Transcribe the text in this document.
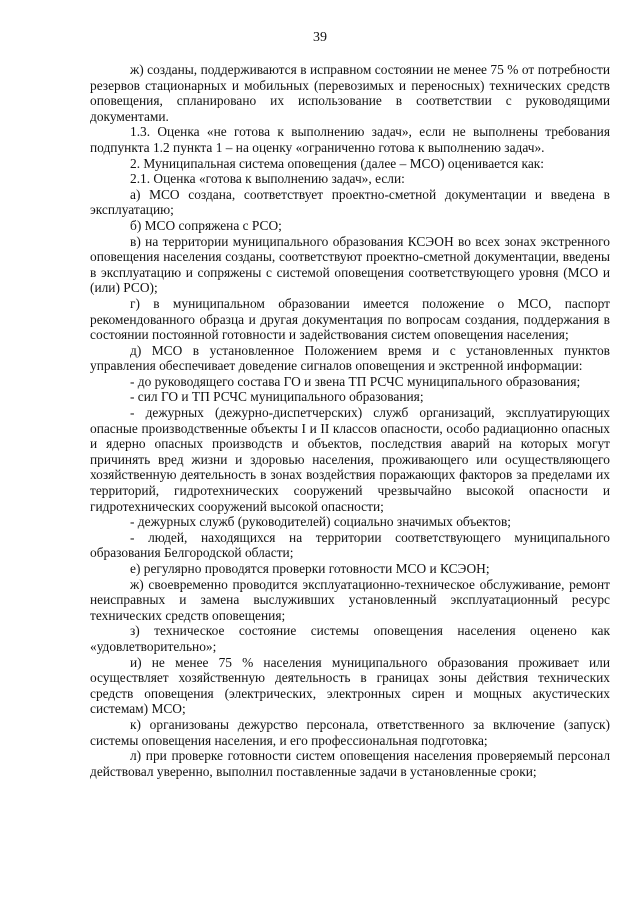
39

ж) созданы, поддерживаются в исправном состоянии не менее 75 % от потребности резервов стационарных и мобильных (перевозимых и переносных) технических средств оповещения, спланировано их использование в соответствии с руководящими документами.

1.3. Оценка «не готова к выполнению задач», если не выполнены требования подпункта 1.2 пункта 1 – на оценку «ограниченно готова к выполнению задач».

2. Муниципальная система оповещения (далее – МСО) оценивается как:

2.1. Оценка «готова к выполнению задач», если:

а) МСО создана, соответствует проектно-сметной документации и введена в эксплуатацию;

б) МСО сопряжена с РСО;

в) на территории муниципального образования КСЭОН во всех зонах экстренного оповещения населения созданы, соответствуют проектно-сметной документации, введены в эксплуатацию и сопряжены с системой оповещения соответствующего уровня (МСО и (или) РСО);

г) в муниципальном образовании имеется положение о МСО, паспорт рекомендованного образца и другая документация по вопросам создания, поддержания в состоянии постоянной готовности и задействования систем оповещения населения;

д) МСО в установленное Положением время и с установленных пунктов управления обеспечивает доведение сигналов оповещения и экстренной информации:

- до руководящего состава ГО и звена ТП РСЧС муниципального образования;

- сил ГО и ТП РСЧС муниципального образования;

- дежурных (дежурно-диспетчерских) служб организаций, эксплуатирующих опасные производственные объекты I и II классов опасности, особо радиационно опасных и ядерно опасных производств и объектов, последствия аварий на которых могут причинять вред жизни и здоровью населения, проживающего или осуществляющего хозяйственную деятельность в зонах воздействия поражающих факторов за пределами их территорий, гидротехнических сооружений чрезвычайно высокой опасности и гидротехнических сооружений высокой опасности;

- дежурных служб (руководителей) социально значимых объектов;

- людей, находящихся на территории соответствующего муниципального образования Белгородской области;

е) регулярно проводятся проверки готовности МСО и КСЭОН;

ж) своевременно проводится эксплуатационно-техническое обслуживание, ремонт неисправных и замена выслуживших установленный эксплуатационный ресурс технических средств оповещения;

з) техническое состояние системы оповещения населения оценено как «удовлетворительно»;

и) не менее 75 % населения муниципального образования проживает или осуществляет хозяйственную деятельность в границах зоны действия технических средств оповещения (электрических, электронных сирен и мощных акустических системам) МСО;

к) организованы дежурство персонала, ответственного за включение (запуск) системы оповещения населения, и его профессиональная подготовка;

л) при проверке готовности систем оповещения населения проверяемый персонал действовал уверенно, выполнил поставленные задачи в установленные сроки;
